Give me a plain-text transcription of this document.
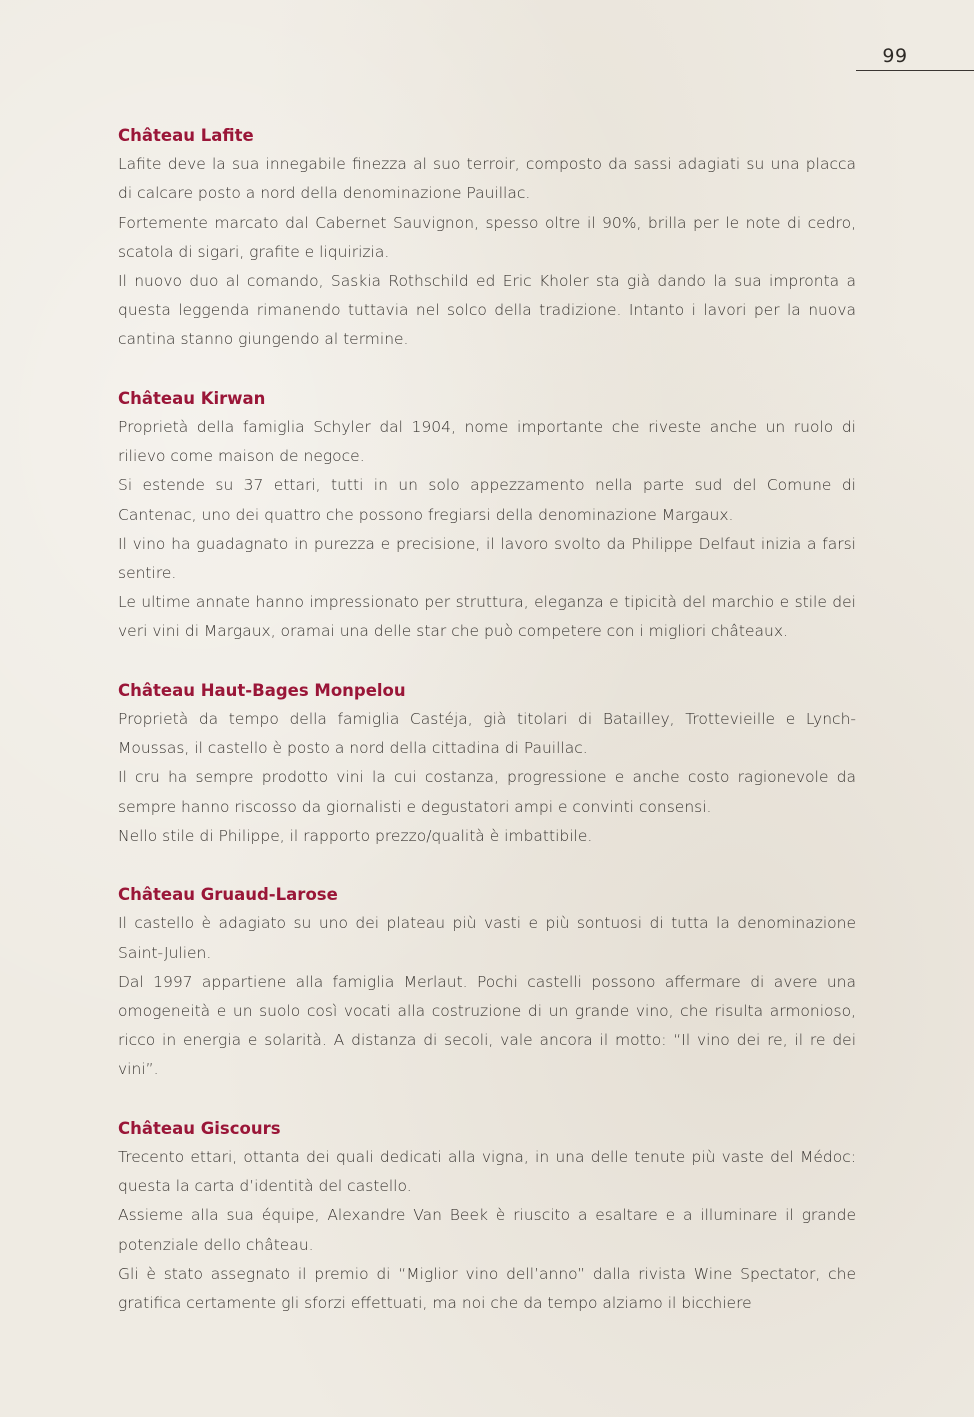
99
Château Lafite
Lafite deve la sua innegabile finezza al suo terroir, composto da sassi adagiati su una placca di calcare posto a nord della denominazione Pauillac.
Fortemente marcato dal Cabernet Sauvignon, spesso oltre il 90%, brilla per le note di cedro, scatola di sigari, grafite e liquirizia.
Il nuovo duo al comando, Saskia Rothschild ed Eric Kholer sta già dando la sua impronta a questa leggenda rimanendo tuttavia nel solco della tradizione. Intanto i lavori per la nuova cantina stanno giungendo al termine.
Château Kirwan
Proprietà della famiglia Schyler dal 1904, nome importante che riveste anche un ruolo di rilievo come maison de negoce.
Si estende su 37 ettari, tutti in un solo appezzamento nella parte sud del Comune di Cantenac, uno dei quattro che possono fregiarsi della denominazione Margaux.
Il vino ha guadagnato in purezza e precisione, il lavoro svolto da Philippe Delfaut inizia a farsi sentire.
Le ultime annate hanno impressionato per struttura, eleganza e tipicità del marchio e stile dei veri vini di Margaux, oramai una delle star che può competere con i migliori châteaux.
Château Haut-Bages Monpelou
Proprietà da tempo della famiglia Castéja, già titolari di Batailley, Trottevieille e Lynch-Moussas, il castello è posto a nord della cittadina di Pauillac.
Il cru ha sempre prodotto vini la cui costanza, progressione e anche costo ragionevole da sempre hanno riscosso da giornalisti e degustatori ampi e convinti consensi.
Nello stile di Philippe, il rapporto prezzo/qualità è imbattibile.
Château Gruaud-Larose
Il castello è adagiato su uno dei plateau più vasti e più sontuosi di tutta la denominazione Saint-Julien.
Dal 1997 appartiene alla famiglia Merlaut. Pochi castelli possono affermare di avere una omogeneità e un suolo così vocati alla costruzione di un grande vino, che risulta armonioso, ricco in energia e solarità. A distanza di secoli, vale ancora il motto: “Il vino dei re, il re dei vini”.
Château Giscours
Trecento ettari, ottanta dei quali dedicati alla vigna, in una delle tenute più vaste del Médoc: questa la carta d’identità del castello.
Assieme alla sua équipe, Alexandre Van Beek è riuscito a esaltare e a illuminare il grande potenziale dello château.
Gli è stato assegnato il premio di “Miglior vino dell’anno” dalla rivista Wine Spectator, che gratifica certamente gli sforzi effettuati, ma noi che da tempo alziamo il bicchiere
